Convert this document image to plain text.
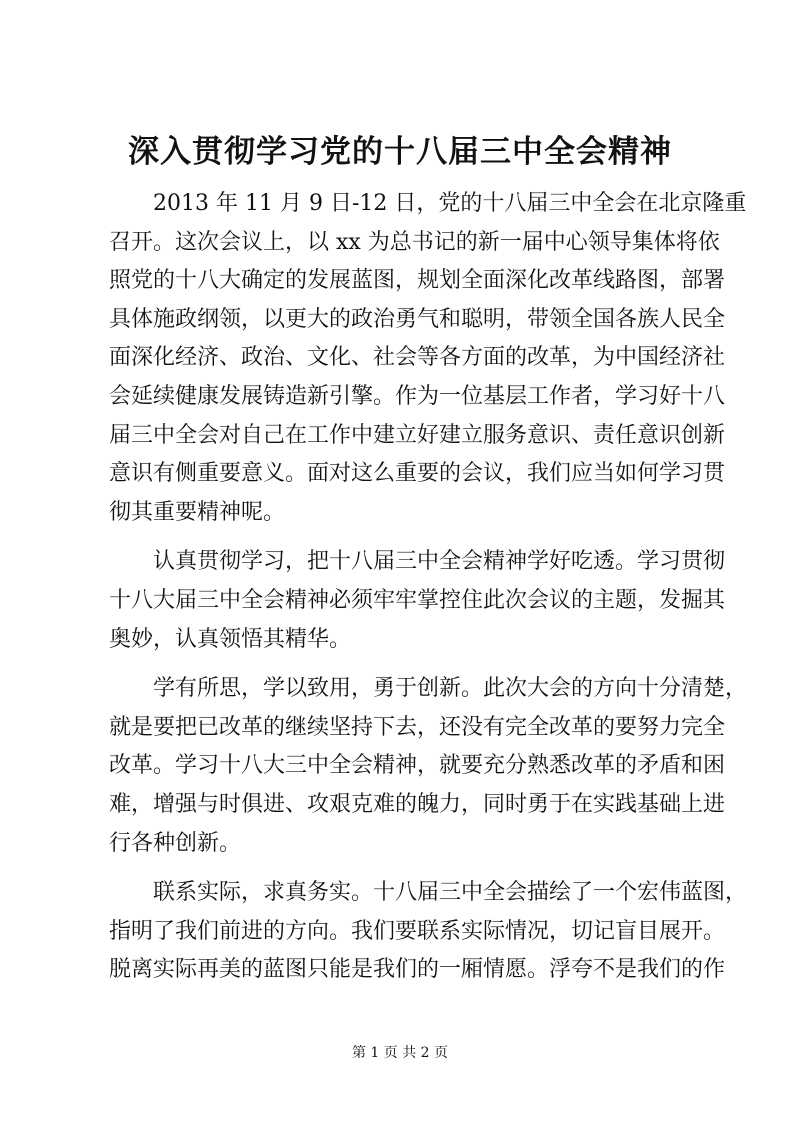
深入贯彻学习党的十八届三中全会精神
2013 年 11 月 9 日-12 日，党的十八届三中全会在北京隆重
召开。这次会议上，以 xx 为总书记的新一届中心领导集体将依
照党的十八大确定的发展蓝图，规划全面深化改革线路图，部署
具体施政纲领，以更大的政治勇气和聪明，带领全国各族人民全
面深化经济、政治、文化、社会等各方面的改革，为中国经济社
会延续健康发展铸造新引擎。作为一位基层工作者，学习好十八
届三中全会对自己在工作中建立好建立服务意识、责任意识创新
意识有侧重要意义。面对这么重要的会议，我们应当如何学习贯
彻其重要精神呢。
认真贯彻学习，把十八届三中全会精神学好吃透。学习贯彻
十八大届三中全会精神必须牢牢掌控住此次会议的主题，发掘其
奥妙，认真领悟其精华。
学有所思，学以致用，勇于创新。此次大会的方向十分清楚，
就是要把已改革的继续坚持下去，还没有完全改革的要努力完全
改革。学习十八大三中全会精神，就要充分熟悉改革的矛盾和困
难，增强与时俱进、攻艰克难的魄力，同时勇于在实践基础上进
行各种创新。
联系实际，求真务实。十八届三中全会描绘了一个宏伟蓝图，
指明了我们前进的方向。我们要联系实际情况，切记盲目展开。
脱离实际再美的蓝图只能是我们的一厢情愿。浮夸不是我们的作
第 1 页 共 2 页
